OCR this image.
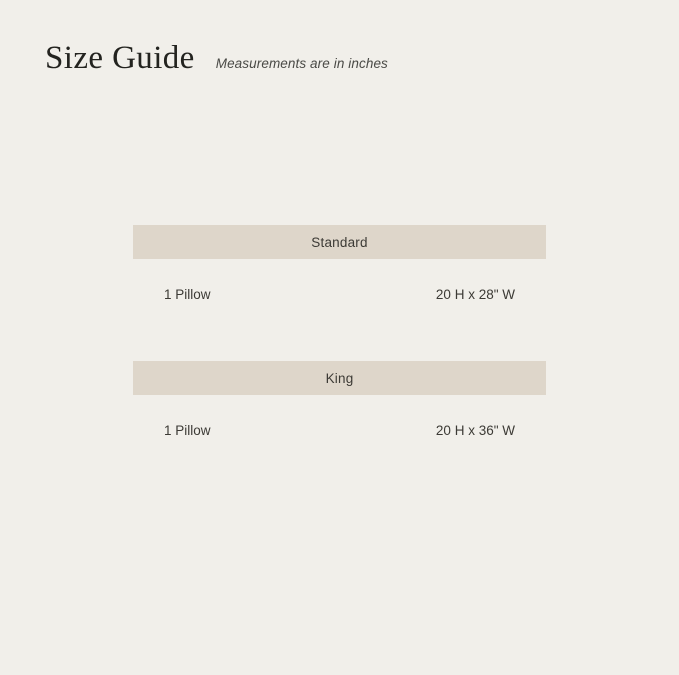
Size Guide Measurements are in inches
Standard
1 Pillow	20 H x 28" W
King
1 Pillow	20 H x 36" W
